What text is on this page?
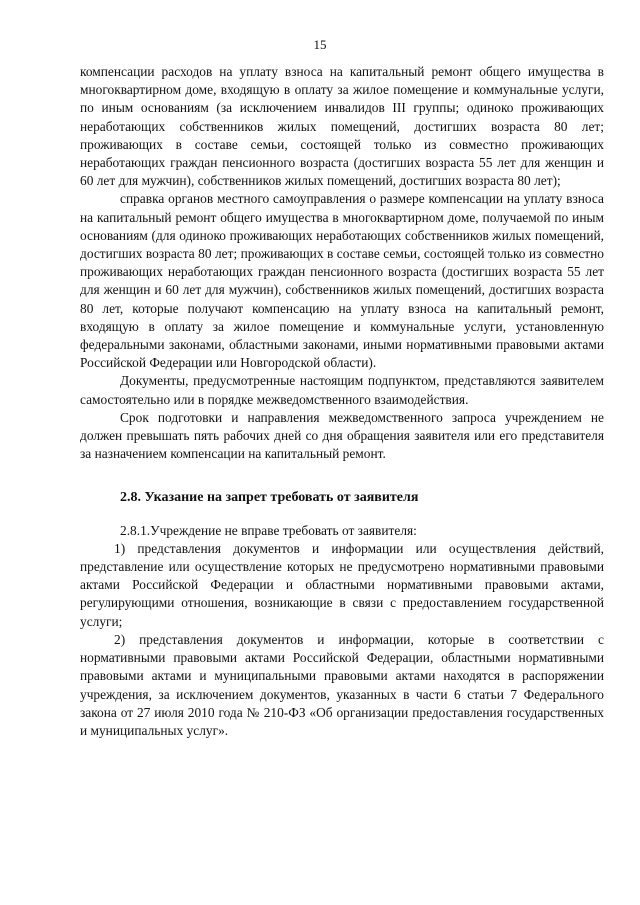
15

компенсации расходов на уплату взноса на капитальный ремонт общего имущества в многоквартирном доме, входящую в оплату за жилое помещение и коммунальные услуги, по иным основаниям (за исключением инвалидов III группы; одиноко проживающих неработающих собственников жилых помещений, достигших возраста 80 лет; проживающих в составе семьи, состоящей только из совместно проживающих неработающих граждан пенсионного возраста (достигших возраста 55 лет для женщин и 60 лет для мужчин), собственников жилых помещений, достигших возраста 80 лет);

справка органов местного самоуправления о размере компенсации на уплату взноса на капитальный ремонт общего имущества в многоквартирном доме, получаемой по иным основаниям (для одиноко проживающих неработающих собственников жилых помещений, достигших возраста 80 лет; проживающих в составе семьи, состоящей только из совместно проживающих неработающих граждан пенсионного возраста (достигших возраста 55 лет для женщин и 60 лет для мужчин), собственников жилых помещений, достигших возраста 80 лет, которые получают компенсацию на уплату взноса на капитальный ремонт, входящую в оплату за жилое помещение и коммунальные услуги, установленную федеральными законами, областными законами, иными нормативными правовыми актами Российской Федерации или Новгородской области).

Документы, предусмотренные настоящим подпунктом, представляются заявителем самостоятельно или в порядке межведомственного взаимодействия.

Срок подготовки и направления межведомственного запроса учреждением не должен превышать пять рабочих дней со дня обращения заявителя или его представителя за назначением компенсации на капитальный ремонт.

2.8. Указание на запрет требовать от заявителя

2.8.1.Учреждение не вправе требовать от заявителя:

1) представления документов и информации или осуществления действий, представление или осуществление которых не предусмотрено нормативными правовыми актами Российской Федерации и областными нормативными правовыми актами, регулирующими отношения, возникающие в связи с предоставлением государственной услуги;

2) представления документов и информации, которые в соответствии с нормативными правовыми актами Российской Федерации, областными нормативными правовыми актами и муниципальными правовыми актами находятся в распоряжении учреждения, за исключением документов, указанных в части 6 статьи 7 Федерального закона от 27 июля 2010 года № 210-ФЗ «Об организации предоставления государственных и муниципальных услуг».
